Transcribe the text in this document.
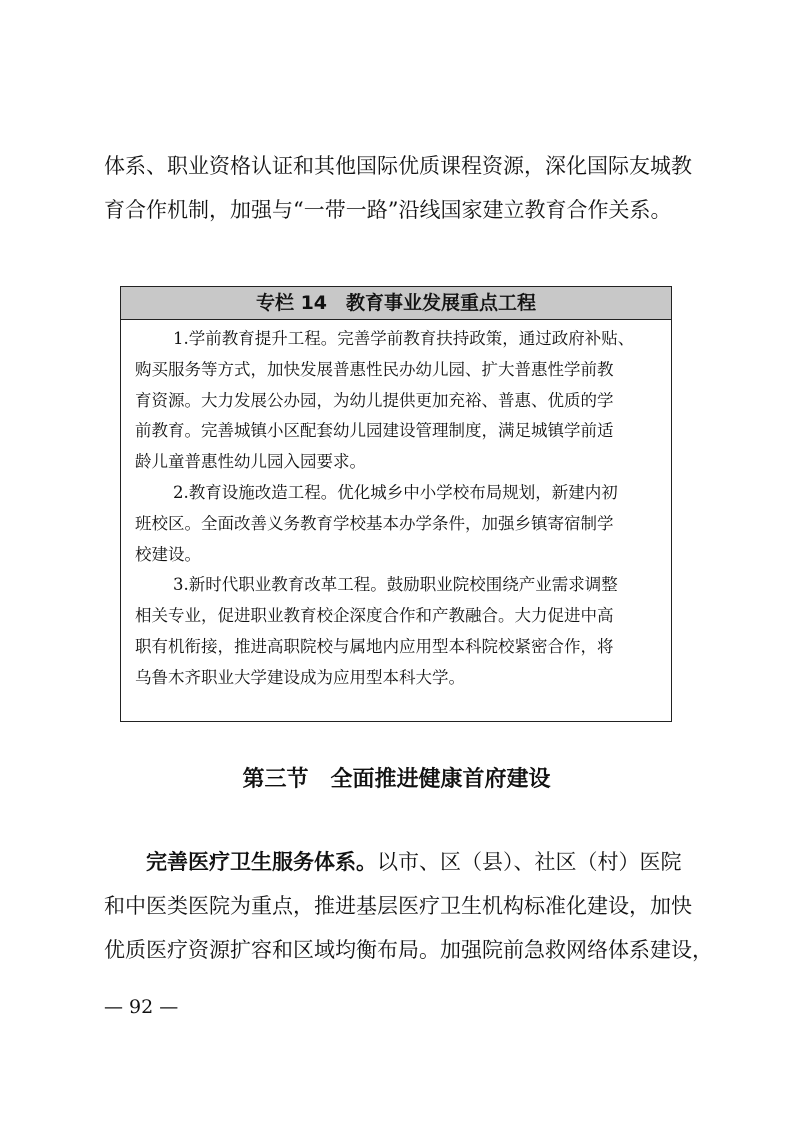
体系、职业资格认证和其他国际优质课程资源，深化国际友城教
育合作机制，加强与“一带一路”沿线国家建立教育合作关系。
专栏 14　教育事业发展重点工程
1.学前教育提升工程。完善学前教育扶持政策，通过政府补贴、
购买服务等方式，加快发展普惠性民办幼儿园、扩大普惠性学前教
育资源。大力发展公办园，为幼儿提供更加充裕、普惠、优质的学
前教育。完善城镇小区配套幼儿园建设管理制度，满足城镇学前适
龄儿童普惠性幼儿园入园要求。
2.教育设施改造工程。优化城乡中小学校布局规划，新建内初
班校区。全面改善义务教育学校基本办学条件，加强乡镇寄宿制学
校建设。
3.新时代职业教育改革工程。鼓励职业院校围绕产业需求调整
相关专业，促进职业教育校企深度合作和产教融合。大力促进中高
职有机衔接，推进高职院校与属地内应用型本科院校紧密合作，将
乌鲁木齐职业大学建设成为应用型本科大学。
第三节 全面推进健康首府建设
完善医疗卫生服务体系。以市、区（县）、社区（村）医院
和中医类医院为重点，推进基层医疗卫生机构标准化建设，加快
优质医疗资源扩容和区域均衡布局。加强院前急救网络体系建设，
— 92 —
